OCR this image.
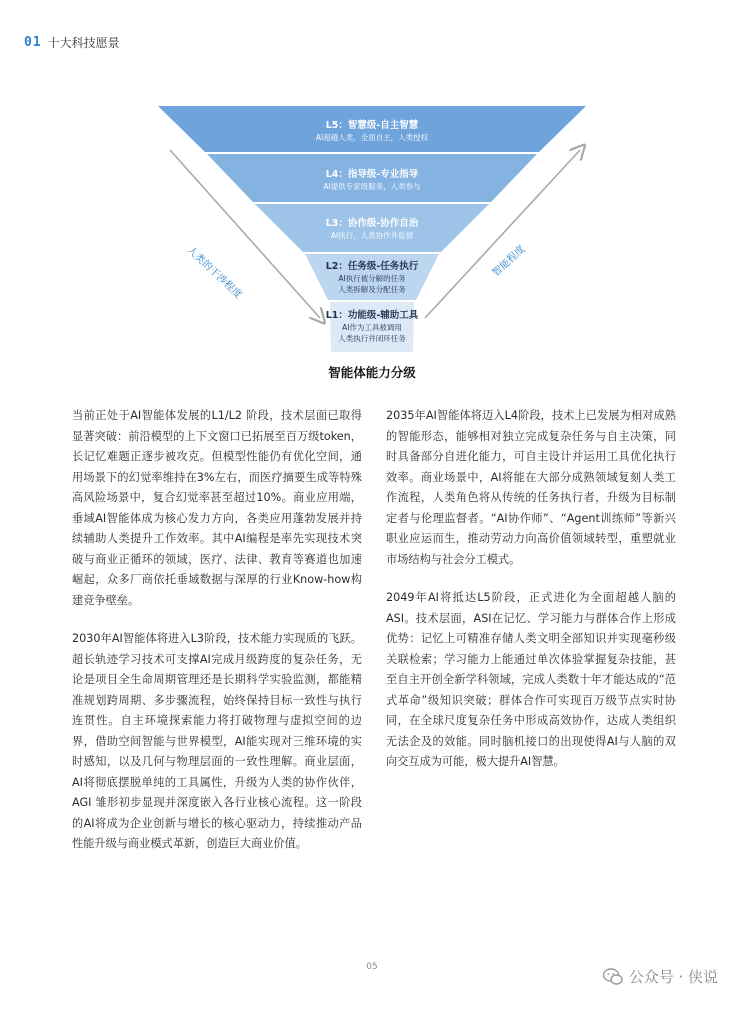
01 十大科技愿景
L5：智慧级-自主智慧
AI超越人类，全面自主，人类授权
L4：指导级-专业指导
AI提供专家级服务，人类参与
L3：协作级-协作自治
AI执行，人类协作并监督
L2：任务级-任务执行
AI执行被分解的任务
人类拆解及分配任务
L1：功能级-辅助工具
AI作为工具被调用
人类执行并闭环任务
人类的干涉程度	智能程度
智能体能力分级

当前正处于AI智能体发展的L1/L2 阶段，技术层面已取得显著突破：前沿模型的上下文窗口已拓展至百万级token，长记忆难题正逐步被攻克。但模型性能仍有优化空间，通用场景下的幻觉率维持在3%左右，而医疗摘要生成等特殊高风险场景中，复合幻觉率甚至超过10%。商业应用端，垂域AI智能体成为核心发力方向，各类应用蓬勃发展并持续辅助人类提升工作效率。其中AI编程是率先实现技术突破与商业正循环的领域，医疗、法律、教育等赛道也加速崛起，众多厂商依托垂域数据与深厚的行业Know-how构建竞争壁垒。

2030年AI智能体将进入L3阶段，技术能力实现质的飞跃。超长轨迹学习技术可支撑AI完成月级跨度的复杂任务，无论是项目全生命周期管理还是长期科学实验监测，都能精准规划跨周期、多步骤流程，始终保持目标一致性与执行连贯性。自主环境探索能力将打破物理与虚拟空间的边界，借助空间智能与世界模型，AI能实现对三维环境的实时感知，以及几何与物理层面的一致性理解。商业层面，AI将彻底摆脱单纯的工具属性，升级为人类的协作伙伴，AGI 雏形初步显现并深度嵌入各行业核心流程。这一阶段的AI将成为企业创新与增长的核心驱动力，持续推动产品性能升级与商业模式革新，创造巨大商业价值。

2035年AI智能体将迈入L4阶段，技术上已发展为相对成熟的智能形态，能够相对独立完成复杂任务与自主决策，同时具备部分自进化能力，可自主设计并运用工具优化执行效率。商业场景中，AI将能在大部分成熟领域复刻人类工作流程，人类角色将从传统的任务执行者，升级为目标制定者与伦理监督者。“AI协作师”、“Agent训练师”等新兴职业应运而生，推动劳动力向高价值领域转型，重塑就业市场结构与社会分工模式。

2049年AI将抵达L5阶段，正式进化为全面超越人脑的ASI。技术层面，ASI在记忆、学习能力与群体合作上形成优势：记忆上可精准存储人类文明全部知识并实现毫秒级关联检索；学习能力上能通过单次体验掌握复杂技能，甚至自主开创全新学科领域，完成人类数十年才能达成的“范式革命”级知识突破；群体合作可实现百万级节点实时协同，在全球尺度复杂任务中形成高效协作，达成人类组织无法企及的效能。同时脑机接口的出现使得AI与人脑的双向交互成为可能，极大提升AI智慧。

05
公众号 · 侠说
